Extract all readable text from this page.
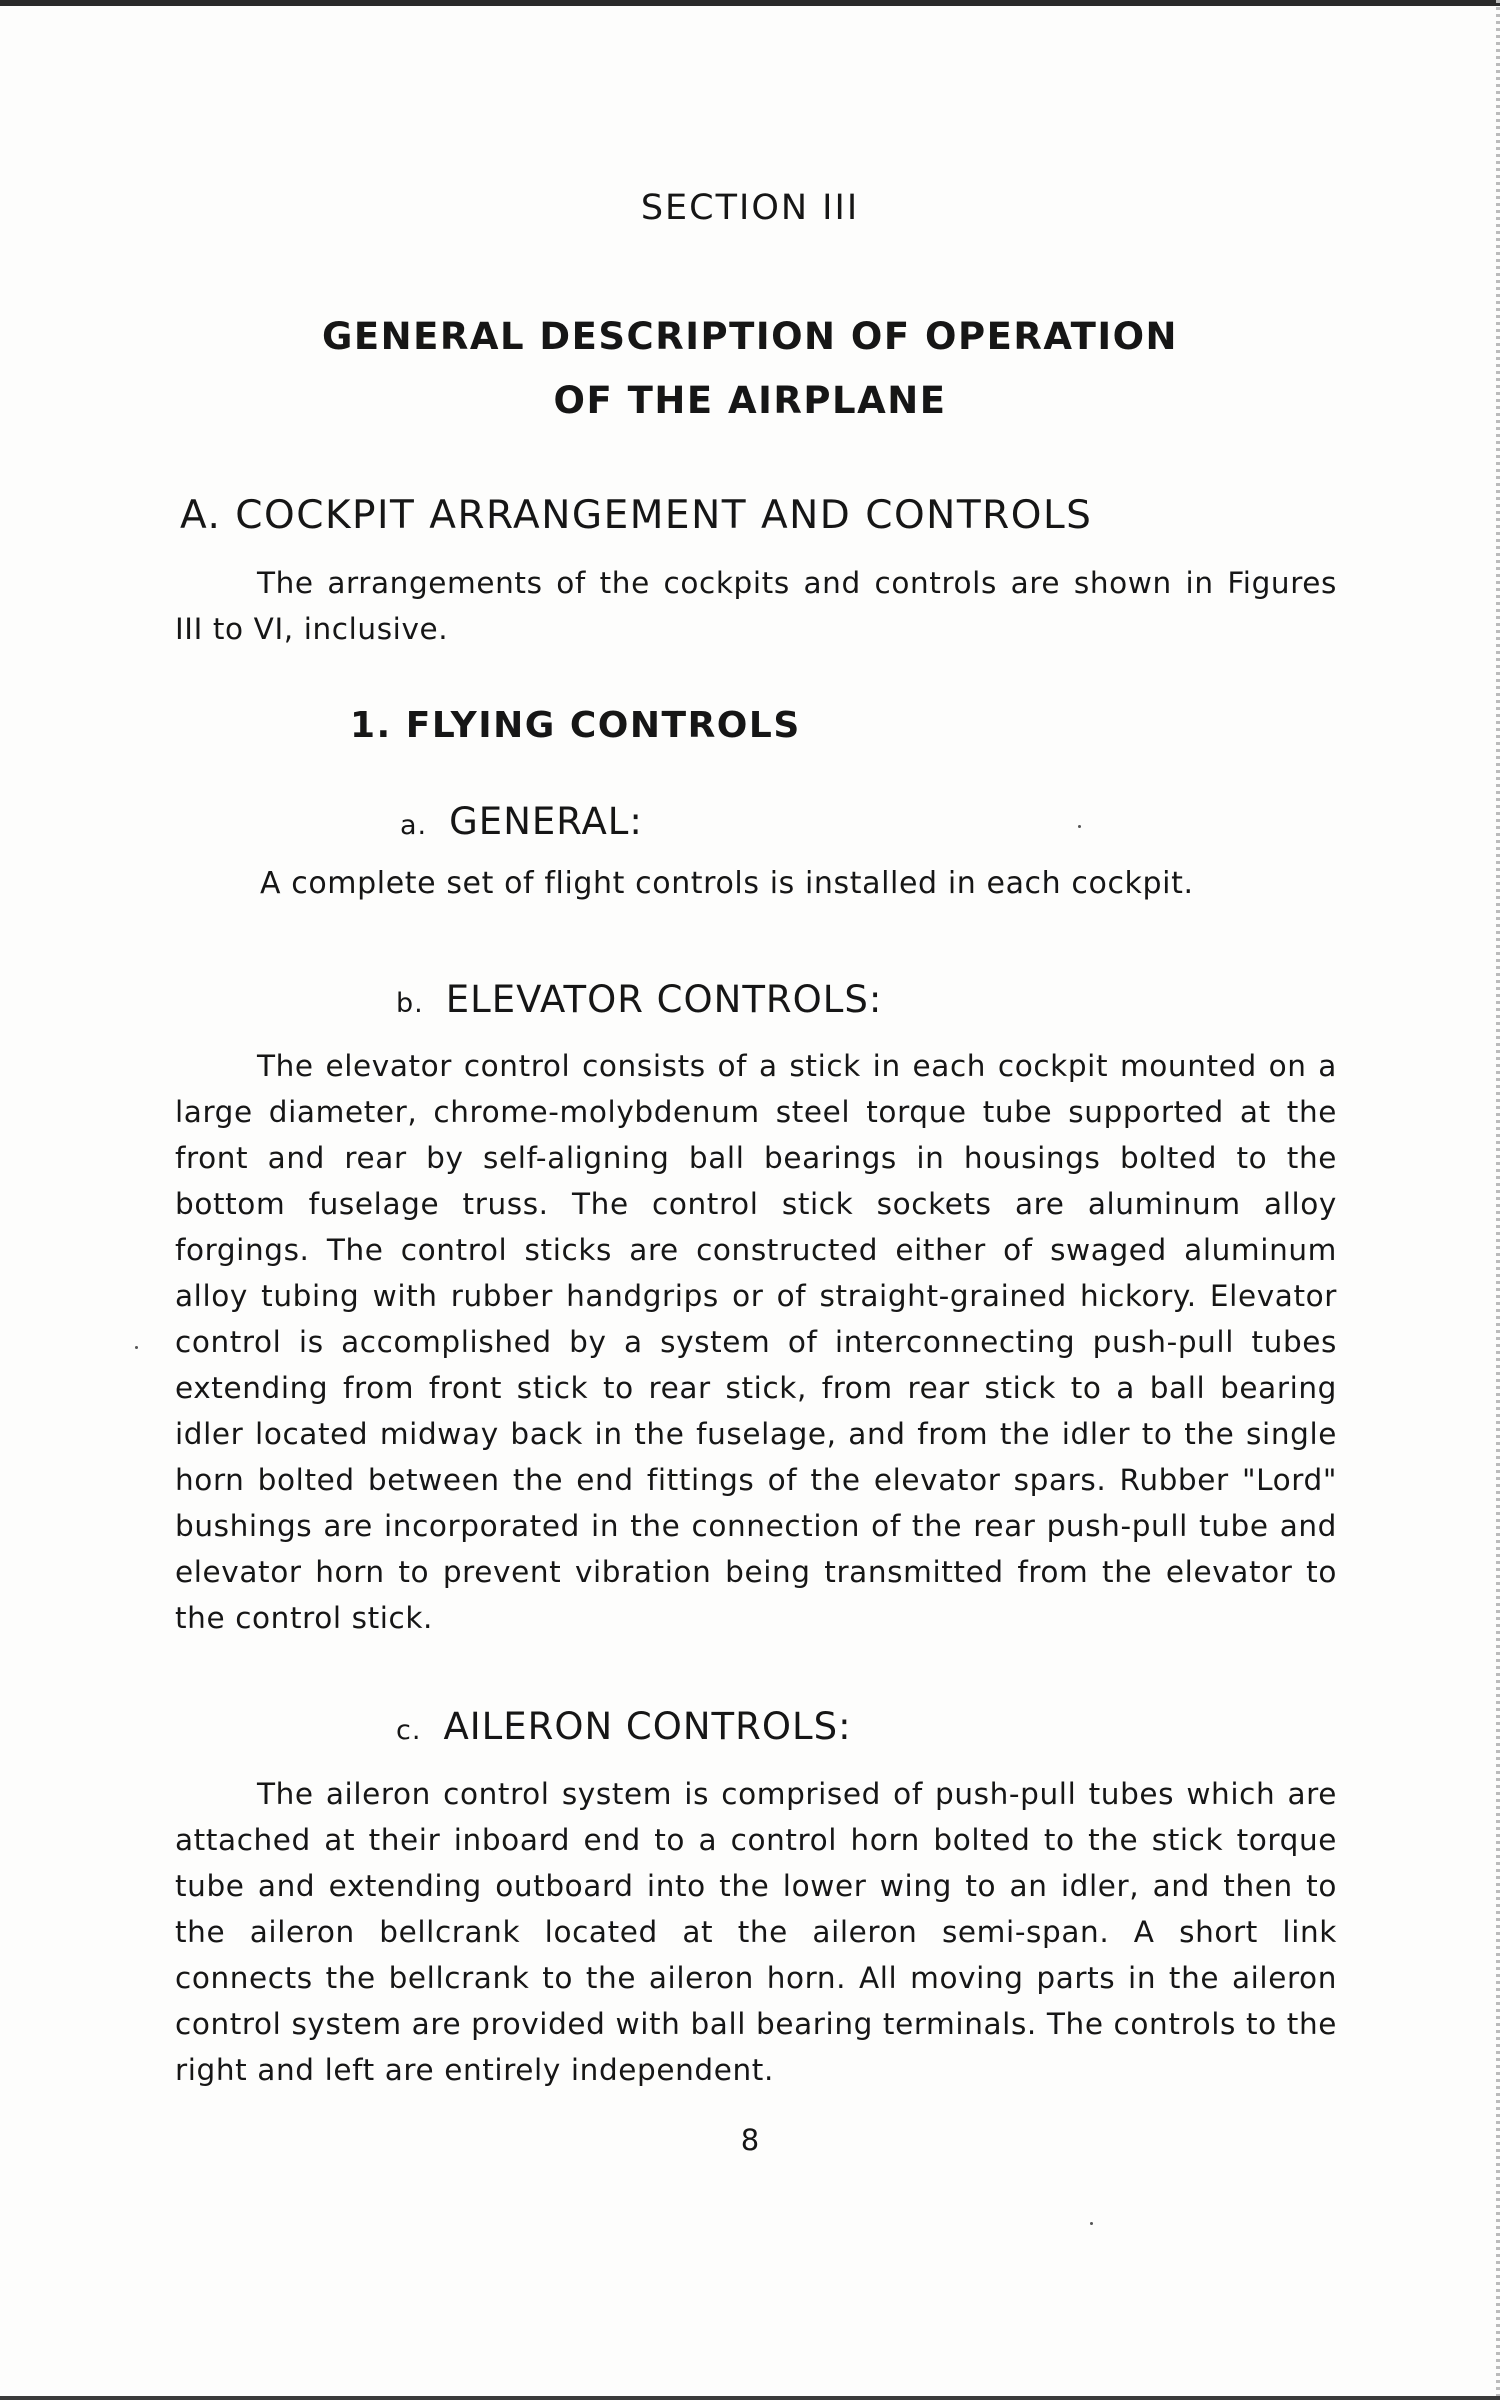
SECTION III

GENERAL DESCRIPTION OF OPERATION
OF THE AIRPLANE
A. COCKPIT ARRANGEMENT AND CONTROLS

The arrangements of the cockpits and controls are shown in Figures III to VI, inclusive.

1. FLYING CONTROLS
a. GENERAL:

A complete set of flight controls is installed in each cockpit.

b. ELEVATOR CONTROLS:

The elevator control consists of a stick in each cockpit mounted on a large diameter, chrome-molybdenum steel torque tube supported at the front and rear by self-aligning ball bearings in housings bolted to the bottom fuselage truss. The control stick sockets are aluminum alloy forgings. The control sticks are constructed either of swaged aluminum alloy tubing with rubber handgrips or of straight-grained hickory. Elevator control is accomplished by a system of interconnecting push-pull tubes extending from front stick to rear stick, from rear stick to a ball bearing idler located midway back in the fuselage, and from the idler to the single horn bolted between the end fittings of the elevator spars. Rubber "Lord" bushings are incorporated in the connection of the rear push-pull tube and elevator horn to prevent vibration being transmitted from the elevator to the control stick.

c. AILERON CONTROLS:

The aileron control system is comprised of push-pull tubes which are attached at their inboard end to a control horn bolted to the stick torque tube and extending outboard into the lower wing to an idler, and then to the aileron bellcrank located at the aileron semi-span. A short link connects the bellcrank to the aileron horn. All moving parts in the aileron control system are provided with ball bearing terminals. The controls to the right and left are entirely independent.

8
